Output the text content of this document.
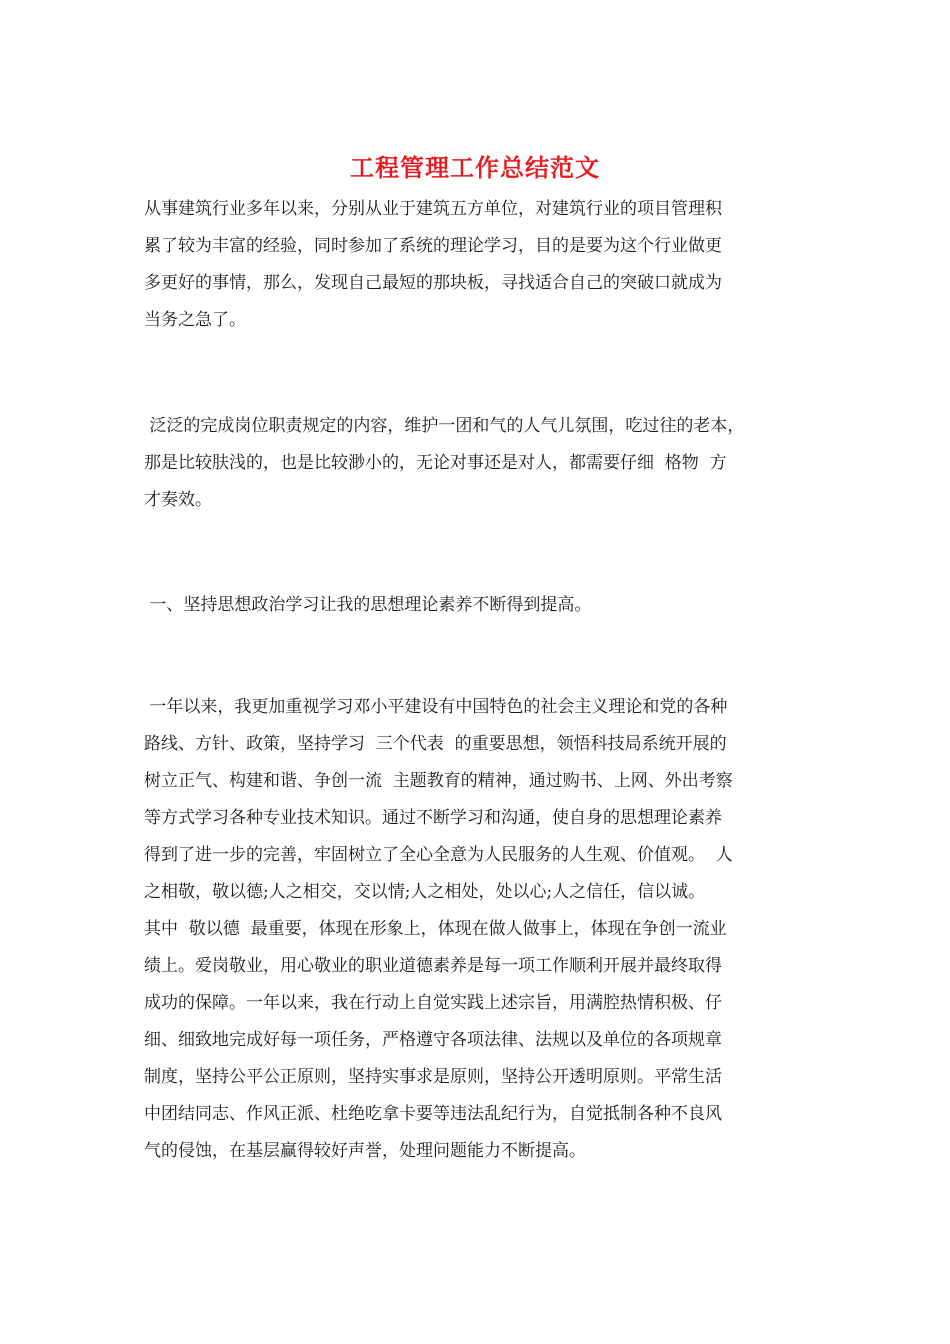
工程管理工作总结范文
从事建筑行业多年以来，分别从业于建筑五方单位，对建筑行业的项目管理积
累了较为丰富的经验，同时参加了系统的理论学习，目的是要为这个行业做更
多更好的事情，那么，发现自己最短的那块板，寻找适合自己的突破口就成为
当务之急了。
泛泛的完成岗位职责规定的内容，维护一团和气的人气儿氛围，吃过往的老本，
那是比较肤浅的，也是比较渺小的，无论对事还是对人，都需要仔细  格物  方
才奏效。
一、坚持思想政治学习让我的思想理论素养不断得到提高。
一年以来，我更加重视学习邓小平建设有中国特色的社会主义理论和党的各种
路线、方针、政策，坚持学习  三个代表  的重要思想，领悟科技局系统开展的
树立正气、构建和谐、争创一流  主题教育的精神，通过购书、上网、外出考察
等方式学习各种专业技术知识。通过不断学习和沟通，使自身的思想理论素养
得到了进一步的完善，牢固树立了全心全意为人民服务的人生观、价值观。  人
之相敬，敬以德;人之相交，交以情;人之相处，处以心;人之信任，信以诚。
其中  敬以德  最重要，体现在形象上，体现在做人做事上，体现在争创一流业
绩上。爱岗敬业，用心敬业的职业道德素养是每一项工作顺利开展并最终取得
成功的保障。一年以来，我在行动上自觉实践上述宗旨，用满腔热情积极、仔
细、细致地完成好每一项任务，严格遵守各项法律、法规以及单位的各项规章
制度，坚持公平公正原则，坚持实事求是原则，坚持公开透明原则。平常生活
中团结同志、作风正派、杜绝吃拿卡要等违法乱纪行为，自觉抵制各种不良风
气的侵蚀，在基层赢得较好声誉，处理问题能力不断提高。
